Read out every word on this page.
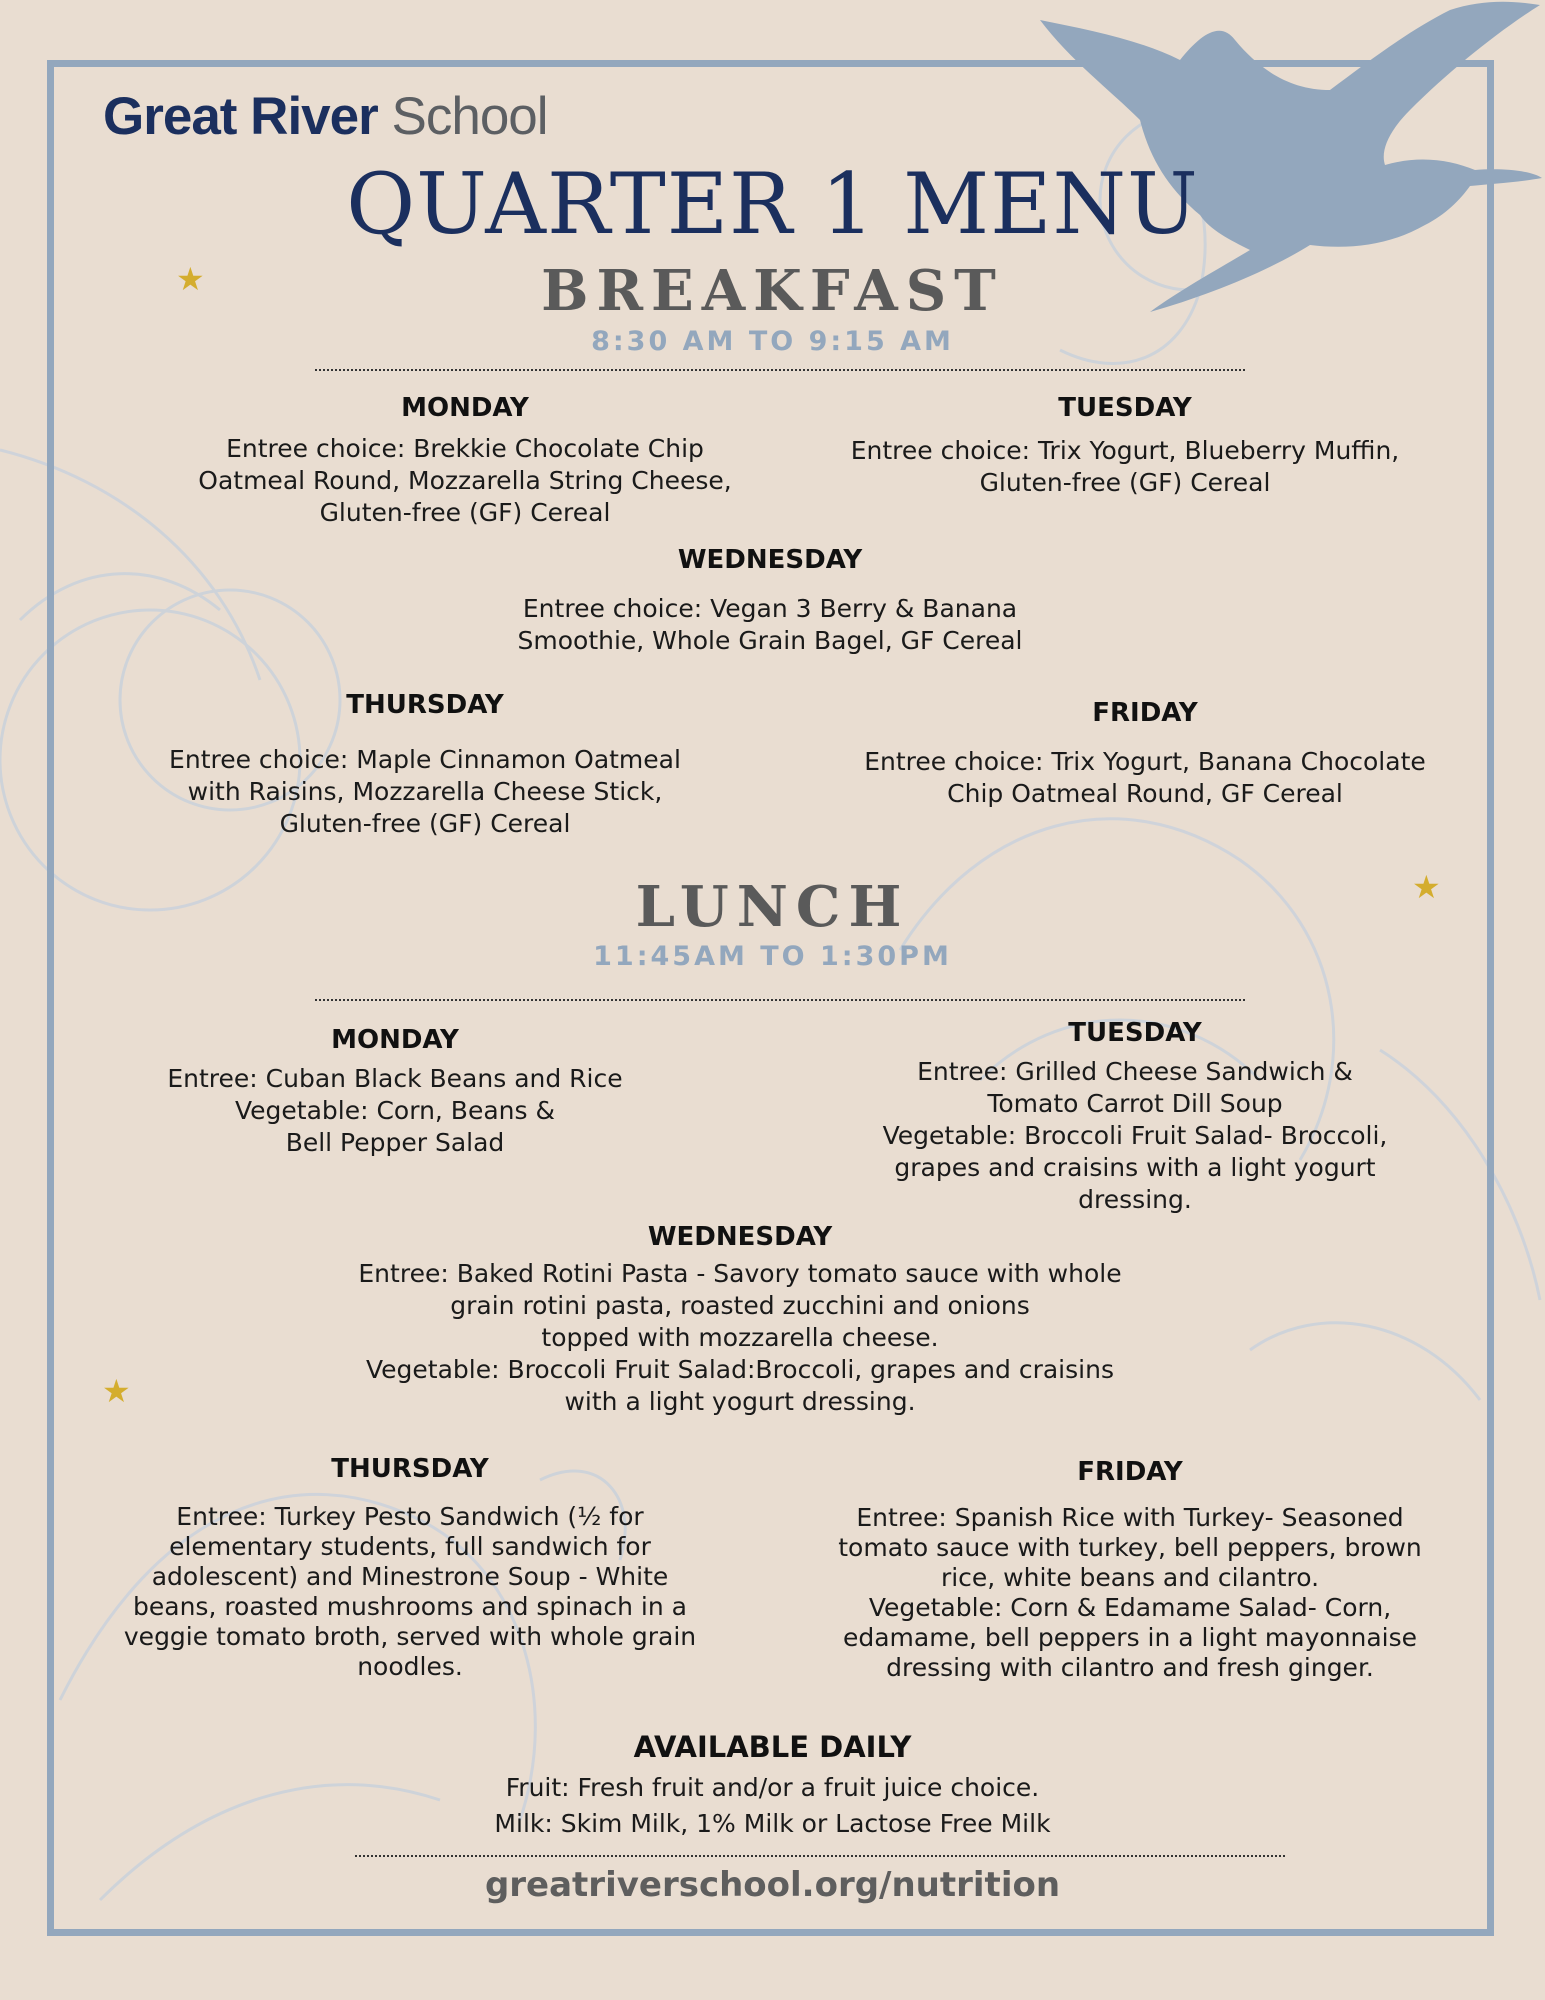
Great River School
QUARTER 1 MENU
★
★
★
BREAKFAST
8:30 AM TO 9:15 AM
MONDAY
Entree choice: Brekkie Chocolate Chip
Oatmeal Round, Mozzarella String Cheese,
Gluten-free (GF) Cereal
TUESDAY
Entree choice: Trix Yogurt, Blueberry Muffin,
Gluten-free (GF) Cereal
WEDNESDAY
Entree choice: Vegan 3 Berry & Banana
Smoothie, Whole Grain Bagel, GF Cereal
THURSDAY
Entree choice: Maple Cinnamon Oatmeal
with Raisins, Mozzarella Cheese Stick,
Gluten-free (GF) Cereal
FRIDAY
Entree choice: Trix Yogurt, Banana Chocolate
Chip Oatmeal Round, GF Cereal
LUNCH
11:45AM TO 1:30PM
MONDAY
Entree: Cuban Black Beans and Rice
Vegetable: Corn, Beans &
Bell Pepper Salad
TUESDAY
Entree: Grilled Cheese Sandwich &
Tomato Carrot Dill Soup
Vegetable: Broccoli Fruit Salad- Broccoli,
grapes and craisins with a light yogurt
dressing.
WEDNESDAY
Entree: Baked Rotini Pasta - Savory tomato sauce with whole
grain rotini pasta, roasted zucchini and onions
topped with mozzarella cheese.
Vegetable: Broccoli Fruit Salad:Broccoli, grapes and craisins
with a light yogurt dressing.
THURSDAY
Entree: Turkey Pesto Sandwich (½ for
elementary students, full sandwich for
adolescent) and Minestrone Soup - White
beans, roasted mushrooms and spinach in a
veggie tomato broth, served with whole grain
noodles.
FRIDAY
Entree: Spanish Rice with Turkey- Seasoned
tomato sauce with turkey, bell peppers, brown
rice, white beans and cilantro.
Vegetable: Corn & Edamame Salad- Corn,
edamame, bell peppers in a light mayonnaise
dressing with cilantro and fresh ginger.
AVAILABLE DAILY
Fruit: Fresh fruit and/or a fruit juice choice.
Milk: Skim Milk, 1% Milk or Lactose Free Milk
greatriverschool.org/nutrition
